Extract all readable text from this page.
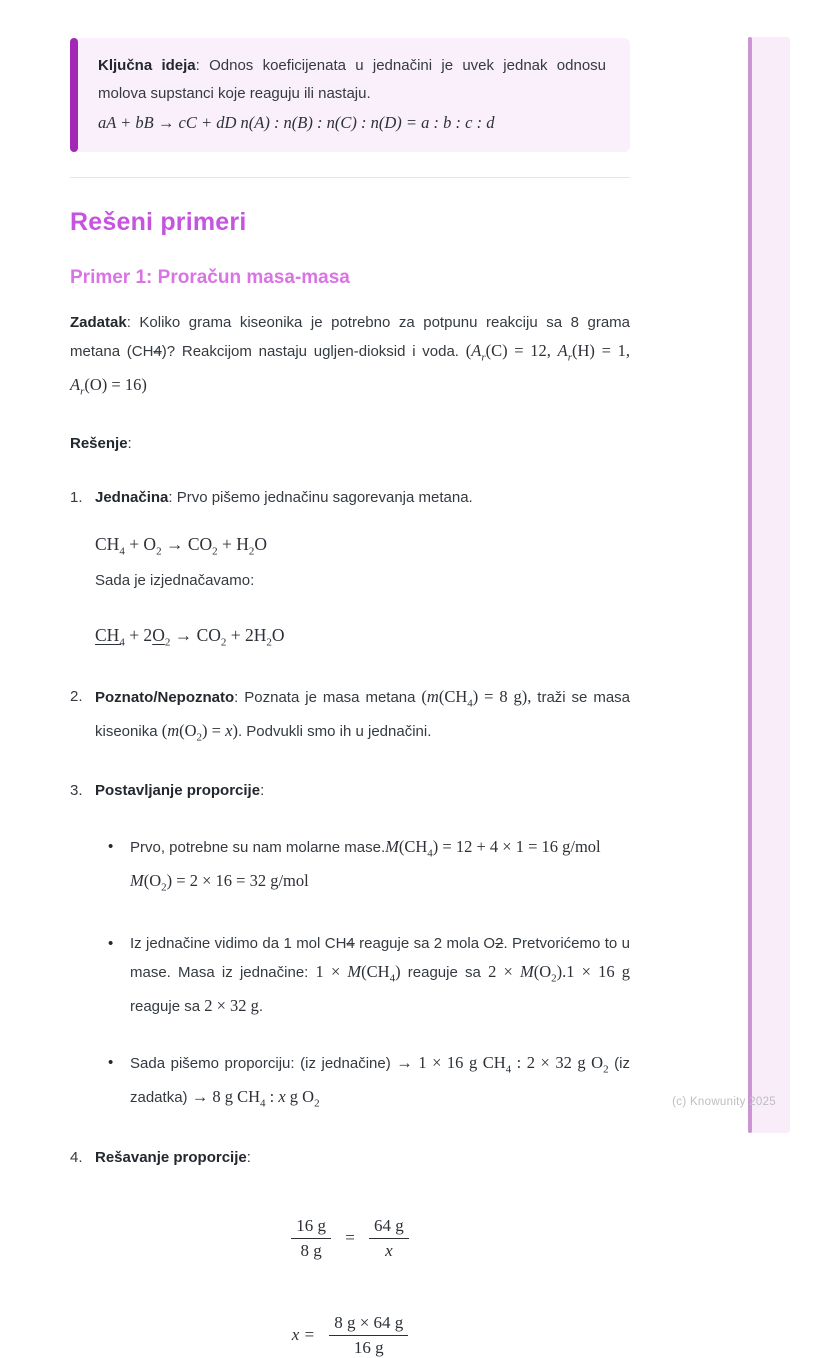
Ključna ideja: Odnos koeficijenata u jednačini je uvek jednak odnosu molova supstanci koje reaguju ili nastaju.

aA + bB → cC + dD n(A) : n(B) : n(C) : n(D) = a : b : c : d
Rešeni primeri
Primer 1: Proračun masa-masa

Zadatak: Koliko grama kiseonika je potrebno za potpunu reakciju sa 8 grama metana (CH4)? Reakcijom nastaju ugljen-dioksid i voda. ($A_r(C) = 12$, $A_r(H) = 1$, $A_r(O) = 16$)

Rešenje:

1. Jednačina: Prvo pišemo jednačinu sagorevanja metana.

$CH_4 + O_2 \to CO_2 + H_2O$

Sada je izjednačavamo:

$CH_4 + 2O_2 \to CO_2 + 2H_2O$

2. Poznato/Nepoznato: Poznata je masa metana ($m(CH_4) = 8$ g), traži se masa kiseonika $(m(O_2) = x)$. Podvukli smo ih u jednačini.

3. Postavljanje proporcije:

•	Prvo, potrebne su nam molarne $mase.M(CH_4) = 12 + 4 \times 1 = 16$ g/mol
$M(O_2) = 2 \times 16 = 32$ g/mol

•	Iz jednačine vidimo da 1 mol CH4 reaguje sa 2 mola O2. Pretvorićemo to u mase. Masa iz jednačine: $1 \times M(CH_4)$ reaguje sa $2 \times M(O_2).1 \times 16$ g reaguje sa 2 × 32 g.

•	Sada pišemo proporciju: (iz jednačine) → 1 × 16 g $CH_4$ : 2 × 32 g $O_2$ (iz zadatka) → 8 g $CH_4$ : x g $O_2$

4. Rešavanje proporcije:

$\frac{16 g}{8 g} = \frac{64 g}{x}$
$x = \frac{8 g \times 64 g}{16 g}$
(c) Knowunity 2025
